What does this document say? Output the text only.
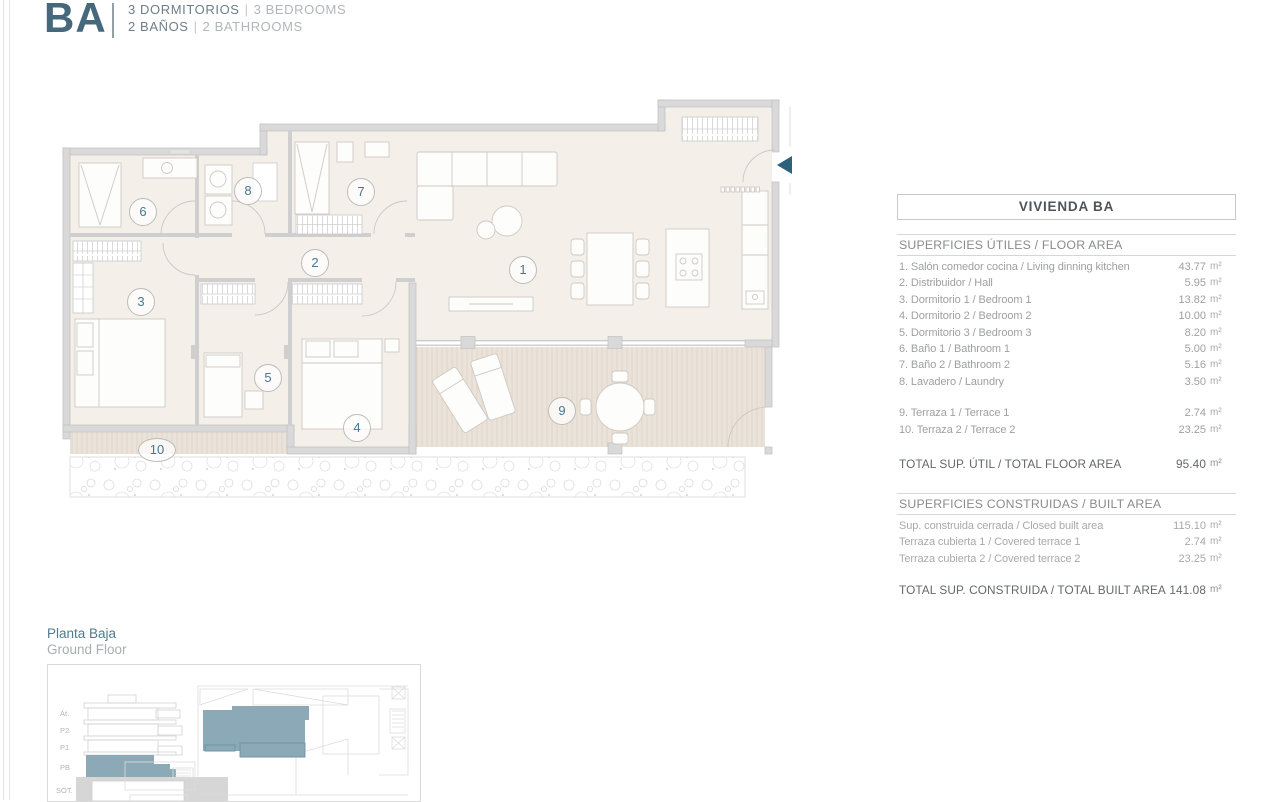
BA 3 DORMITORIOS | 3 BEDROOMS
2 BAÑOS | 2 BATHROOMS
1
2
3
4
5
6
7
8
9
10
VIVIENDA BA
SUPERFICIES ÚTILES / FLOOR AREA
1. Salón comedor cocina / Living dinning kitchen	43.77 m²
2. Distribuidor / Hall	5.95 m²
3. Dormitorio 1 / Bedroom 1	13.82 m²
4. Dormitorio 2 / Bedroom 2	10.00 m²
5. Dormitorio 3 / Bedroom 3	8.20 m²
6. Baño 1 / Bathroom 1	5.00 m²
7. Baño 2 / Bathroom 2	5.16 m²
8. Lavadero / Laundry	3.50 m²
9. Terraza 1 / Terrace 1	2.74 m²
10. Terraza 2 / Terrace 2	23.25 m²
TOTAL SUP. ÚTIL / TOTAL FLOOR AREA	95.40 m²
SUPERFICIES CONSTRUIDAS / BUILT AREA
Sup. construida cerrada / Closed built area	115.10 m²
Terraza cubierta 1 / Covered terrace 1	2.74 m²
Terraza cubierta 2 / Covered terrace 2	23.25 m²
TOTAL SUP. CONSTRUIDA / TOTAL BUILT AREA 141.08 m²
Planta Baja
Ground Floor
Át.
P2
P1
PB
SÓT.
